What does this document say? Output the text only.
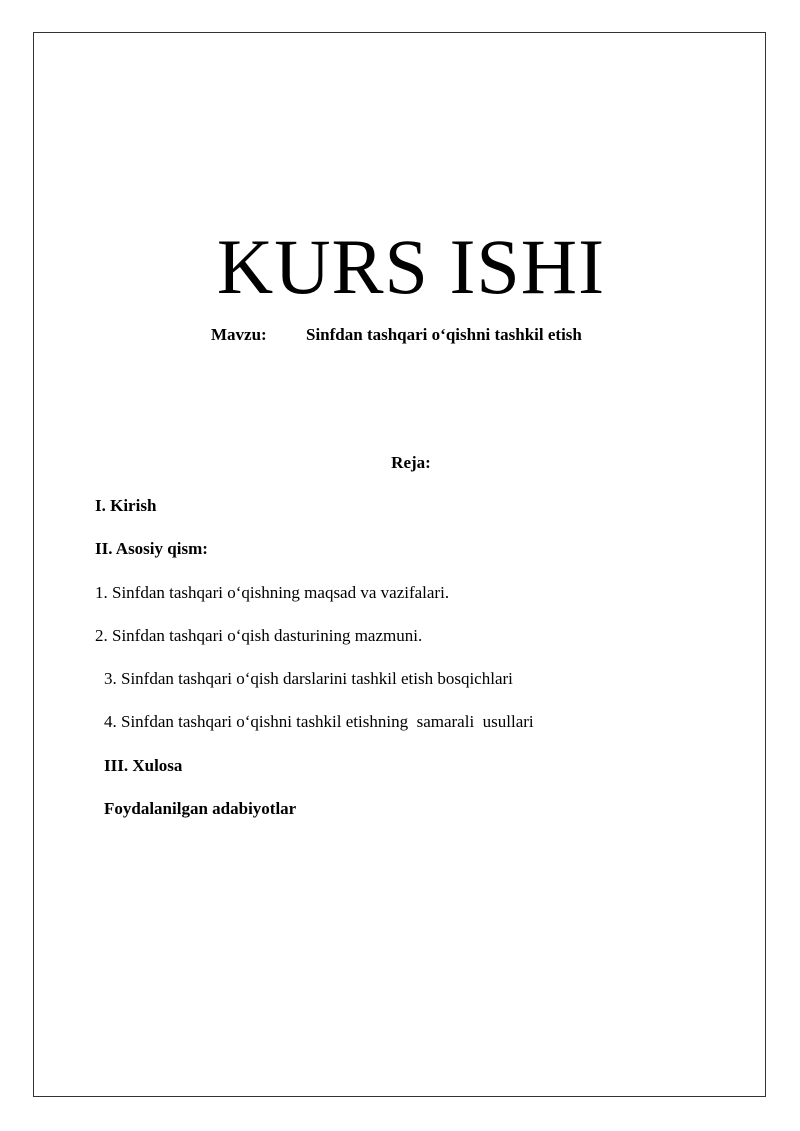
KURS ISHI
Mavzu: Sinfdan tashqari o‘qishni tashkil etish
Reja:
I. Kirish
II. Asosiy qism:
1. Sinfdan tashqari o‘qishning maqsad va vazifalari.
2. Sinfdan tashqari o‘qish dasturining mazmuni.
3. Sinfdan tashqari o‘qish darslarini tashkil etish bosqichlari
4. Sinfdan tashqari o‘qishni tashkil etishning  samarali  usullari
III. Xulosa
Foydalanilgan adabiyotlar
